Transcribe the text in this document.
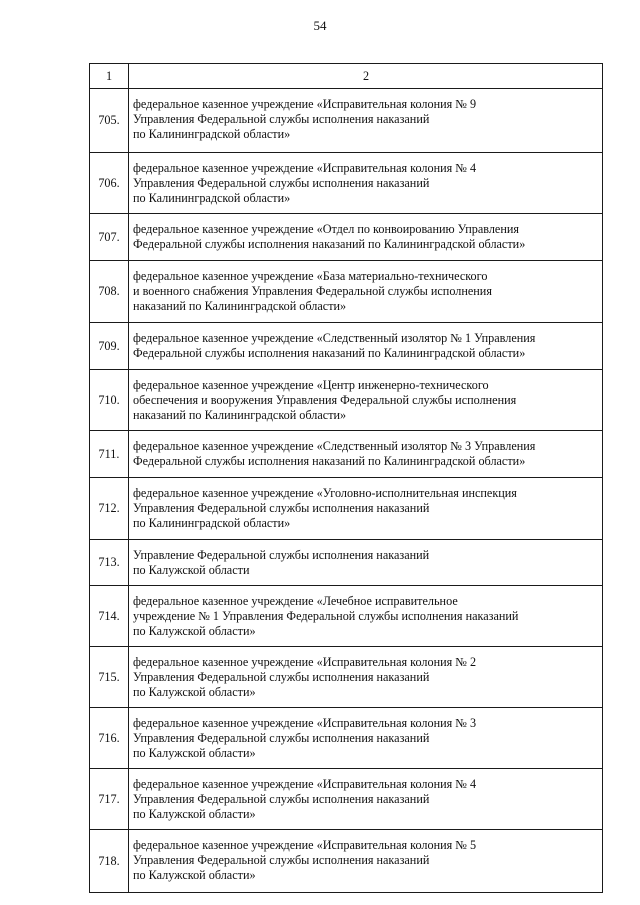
54
1	2
705.	федеральное казенное учреждение «Исправительная колония № 9
Управления Федеральной службы исполнения наказаний
по Калининградской области»

706.	федеральное казенное учреждение «Исправительная колония № 4
Управления Федеральной службы исполнения наказаний
по Калининградской области»

707.	федеральное казенное учреждение «Отдел по конвоированию Управления
Федеральной службы исполнения наказаний по Калининградской области»

708.	федеральное казенное учреждение «База материально-технического
и военного снабжения Управления Федеральной службы исполнения
наказаний по Калининградской области»

709.	федеральное казенное учреждение «Следственный изолятор № 1 Управления
Федеральной службы исполнения наказаний по Калининградской области»

710.	федеральное казенное учреждение «Центр инженерно-технического
обеспечения и вооружения Управления Федеральной службы исполнения
наказаний по Калининградской области»

711.	федеральное казенное учреждение «Следственный изолятор № 3 Управления
Федеральной службы исполнения наказаний по Калининградской области»

712.	федеральное казенное учреждение «Уголовно-исполнительная инспекция
Управления Федеральной службы исполнения наказаний
по Калининградской области»

713.	Управление Федеральной службы исполнения наказаний
по Калужской области

714.	федеральное казенное учреждение «Лечебное исправительное
учреждение № 1 Управления Федеральной службы исполнения наказаний
по Калужской области»

715.	федеральное казенное учреждение «Исправительная колония № 2
Управления Федеральной службы исполнения наказаний
по Калужской области»

716.	федеральное казенное учреждение «Исправительная колония № 3
Управления Федеральной службы исполнения наказаний
по Калужской области»

717.	федеральное казенное учреждение «Исправительная колония № 4
Управления Федеральной службы исполнения наказаний
по Калужской области»

718.	федеральное казенное учреждение «Исправительная колония № 5
Управления Федеральной службы исполнения наказаний
по Калужской области»
